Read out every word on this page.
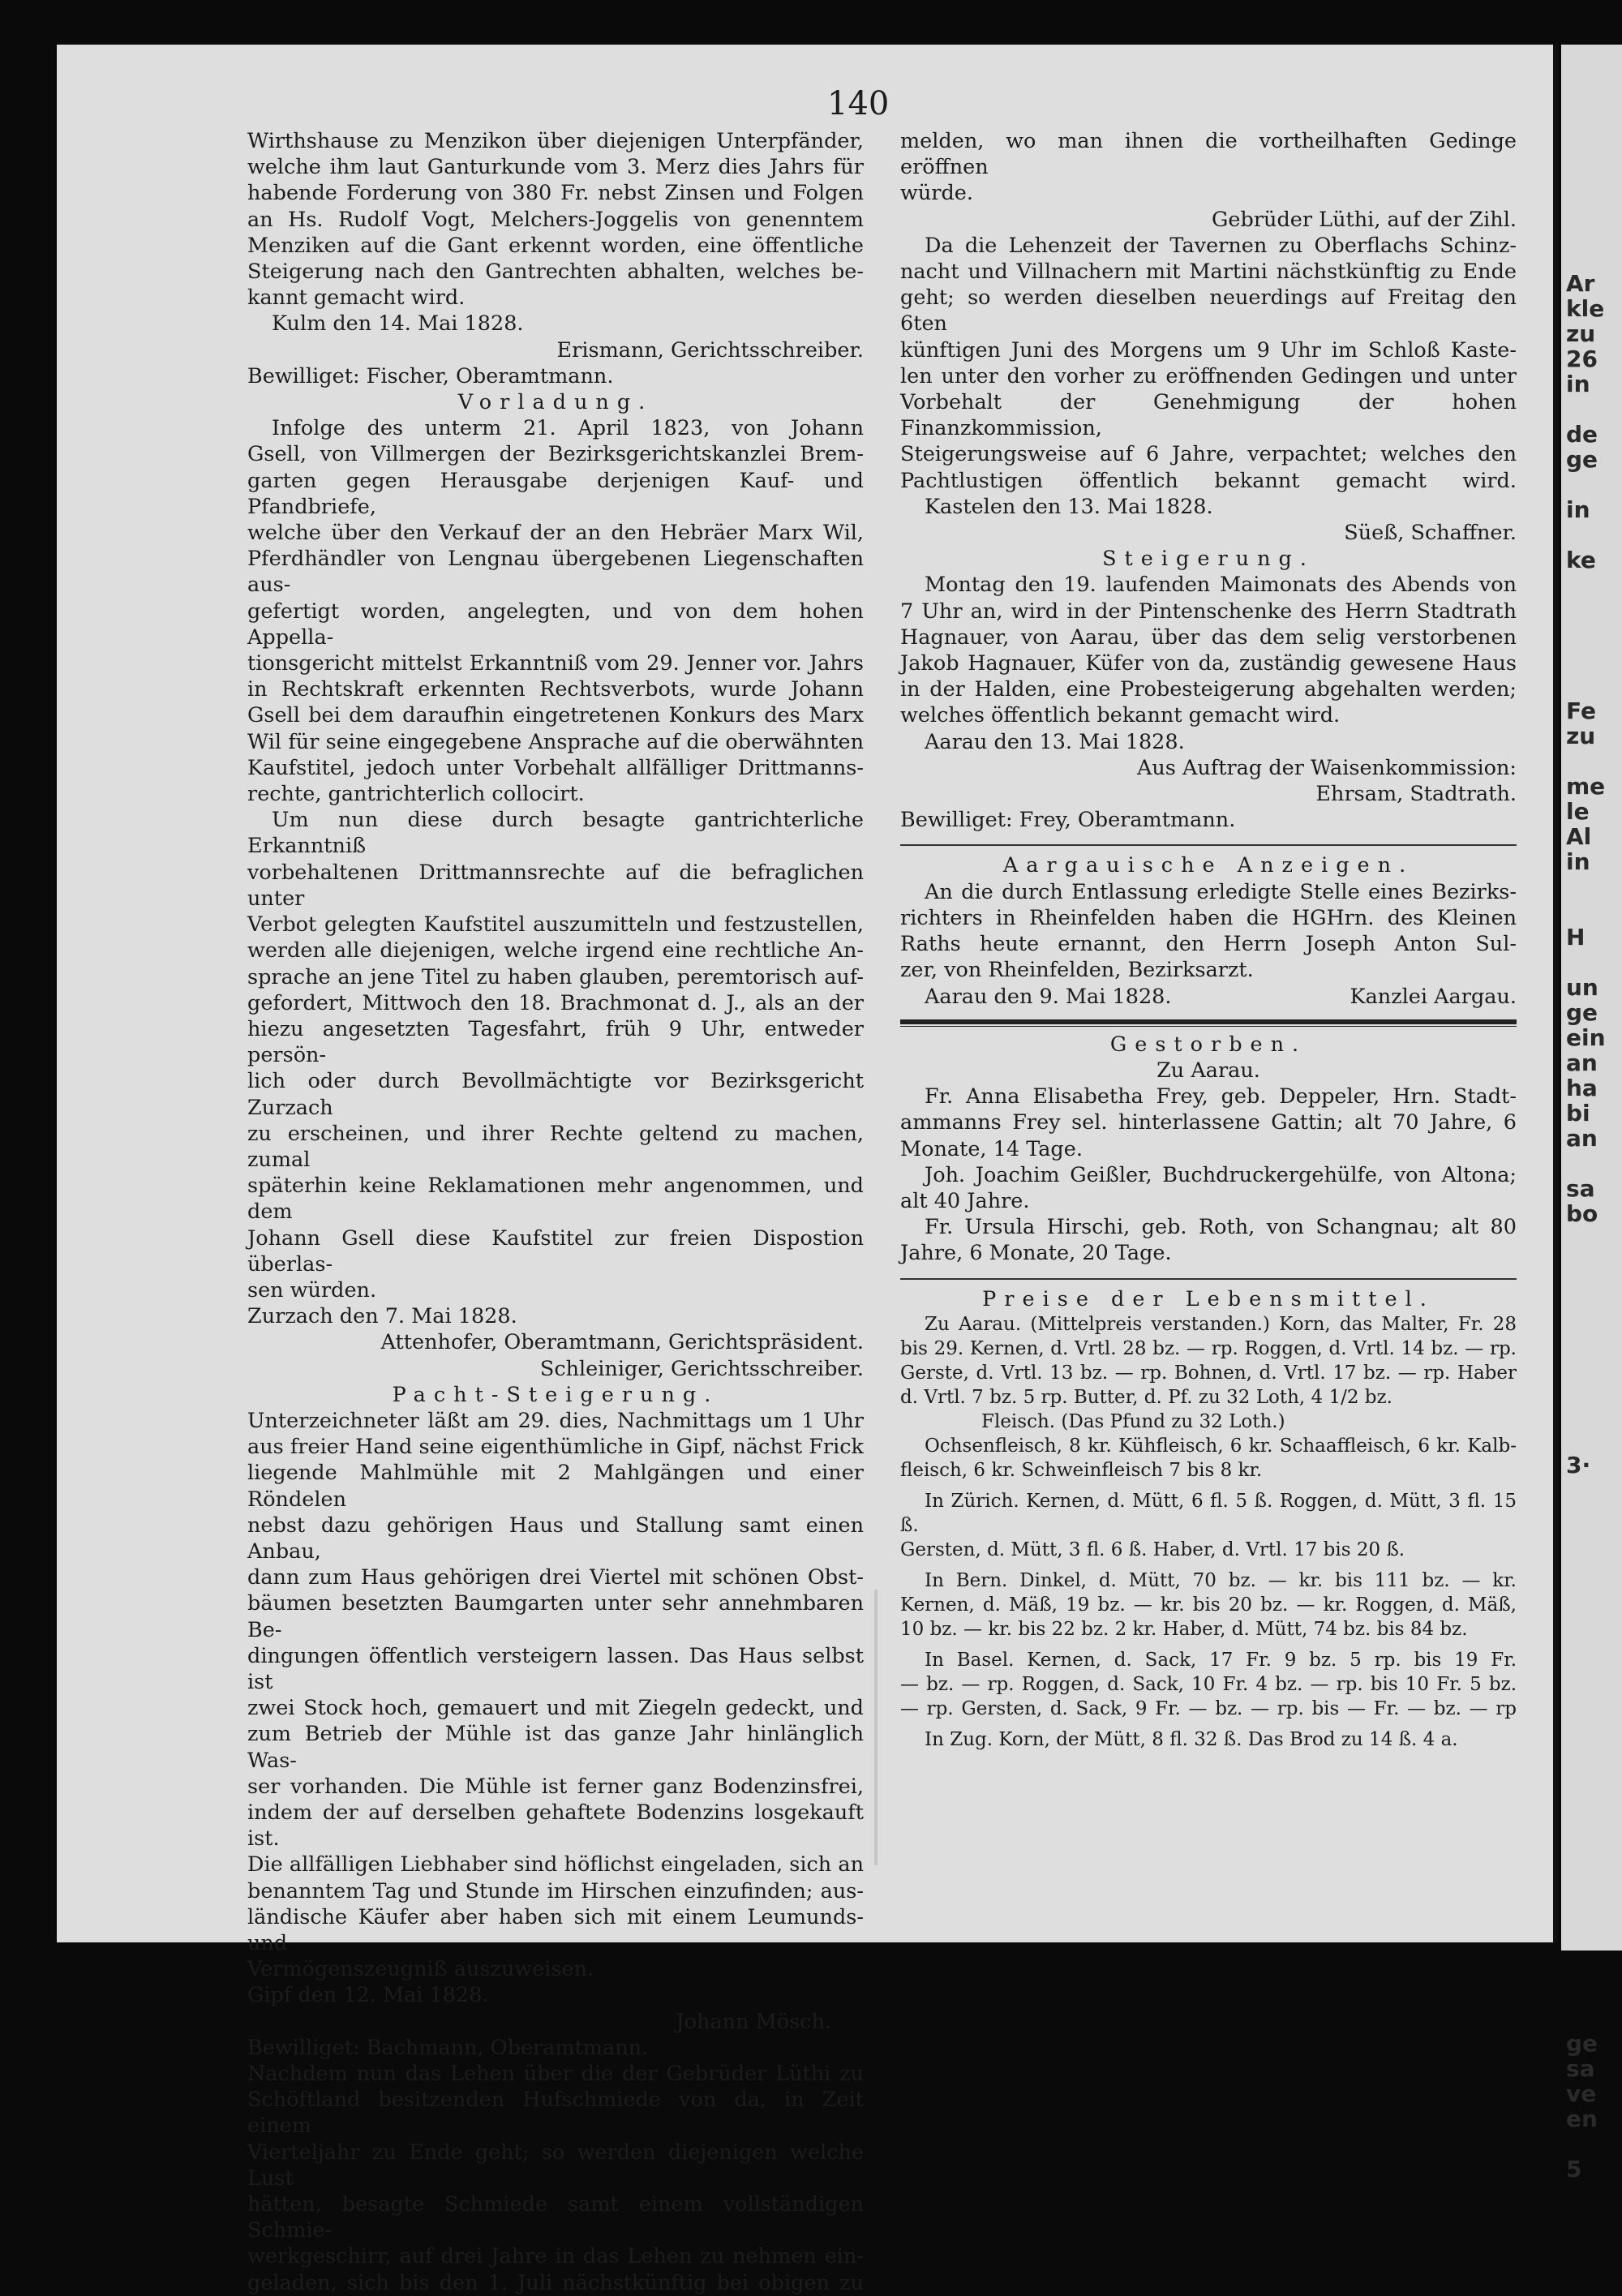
Ar
kle
zu
26
in

de
ge

in

ke

Fe
zu

me
le
Al
in

H

un
ge
ein
an
ha
bi
an

sa
bo

3·

ge
sa
ve
en

5
140

Wirthshause zu Menzikon über diejenigen Unterpfänder,

welche ihm laut Ganturkunde vom 3. Merz dies Jahrs für

habende Forderung von 380 Fr. nebst Zinsen und Folgen

an Hs. Rudolf Vogt, Melchers-Joggelis von genenntem

Menziken auf die Gant erkennt worden, eine öffentliche

Steigerung nach den Gantrechten abhalten, welches be-

kannt gemacht wird.

Kulm den 14. Mai 1828.

Erismann, Gerichtsschreiber.

Bewilliget: Fischer, Oberamtmann.

Vorladung.

Infolge des unterm 21. April 1823, von Johann

Gsell, von Villmergen der Bezirksgerichtskanzlei Brem-

garten gegen Herausgabe derjenigen Kauf- und Pfandbriefe,

welche über den Verkauf der an den Hebräer Marx Wil,

Pferdhändler von Lengnau übergebenen Liegenschaften aus-

gefertigt worden, angelegten, und von dem hohen Appella-

tionsgericht mittelst Erkanntniß vom 29. Jenner vor. Jahrs

in Rechtskraft erkennten Rechtsverbots, wurde Johann

Gsell bei dem daraufhin eingetretenen Konkurs des Marx

Wil für seine eingegebene Ansprache auf die oberwähnten

Kaufstitel, jedoch unter Vorbehalt allfälliger Drittmanns-

rechte, gantrichterlich collocirt.

Um nun diese durch besagte gantrichterliche Erkanntniß

vorbehaltenen Drittmannsrechte auf die befraglichen unter

Verbot gelegten Kaufstitel auszumitteln und festzustellen,

werden alle diejenigen, welche irgend eine rechtliche An-

sprache an jene Titel zu haben glauben, peremtorisch auf-

gefordert, Mittwoch den 18. Brachmonat d. J., als an der

hiezu angesetzten Tagesfahrt, früh 9 Uhr, entweder persön-

lich oder durch Bevollmächtigte vor Bezirksgericht Zurzach

zu erscheinen, und ihrer Rechte geltend zu machen, zumal

späterhin keine Reklamationen mehr angenommen, und dem

Johann Gsell diese Kaufstitel zur freien Dispostion überlas-

sen würden.

Zurzach den 7. Mai 1828.

Attenhofer, Oberamtmann, Gerichtspräsident.

Schleiniger, Gerichtsschreiber.

Pacht-Steigerung.

Unterzeichneter läßt am 29. dies, Nachmittags um 1 Uhr

aus freier Hand seine eigenthümliche in Gipf, nächst Frick

liegende Mahlmühle mit 2 Mahlgängen und einer Röndelen

nebst dazu gehörigen Haus und Stallung samt einen Anbau,

dann zum Haus gehörigen drei Viertel mit schönen Obst-

bäumen besetzten Baumgarten unter sehr annehmbaren Be-

dingungen öffentlich versteigern lassen. Das Haus selbst ist

zwei Stock hoch, gemauert und mit Ziegeln gedeckt, und

zum Betrieb der Mühle ist das ganze Jahr hinlänglich Was-

ser vorhanden. Die Mühle ist ferner ganz Bodenzinsfrei,

indem der auf derselben gehaftete Bodenzins losgekauft ist.

Die allfälligen Liebhaber sind höflichst eingeladen, sich an

benanntem Tag und Stunde im Hirschen einzufinden; aus-

ländische Käufer aber haben sich mit einem Leumunds- und

Vermögenszeugniß auszuweisen.

Gipf den 12. Mai 1828.

Johann Mösch.

Bewilliget: Bachmann, Oberamtmann.

Nachdem nun das Lehen über die der Gebrüder Lüthi zu

Schöftland besitzenden Hufschmiede von da, in Zeit einem

Vierteljahr zu Ende geht; so werden diejenigen welche Lust

hätten, besagte Schmiede samt einem vollständigen Schmie-

werkgeschirr, auf drei Jahre in das Lehen zu nehmen ein-

geladen, sich bis den 1. Juli nächstkünftig bei obigen zu

melden, wo man ihnen die vortheilhaften Gedinge eröffnen

würde.

Gebrüder Lüthi, auf der Zihl.

Da die Lehenzeit der Tavernen zu Oberflachs Schinz-

nacht und Villnachern mit Martini nächstkünftig zu Ende

geht; so werden dieselben neuerdings auf Freitag den 6ten

künftigen Juni des Morgens um 9 Uhr im Schloß Kaste-

len unter den vorher zu eröffnenden Gedingen und unter

Vorbehalt der Genehmigung der hohen Finanzkommission,

Steigerungsweise auf 6 Jahre, verpachtet; welches den

Pachtlustigen öffentlich bekannt gemacht wird.

Kastelen den 13. Mai 1828.

Süeß, Schaffner.

Steigerung.

Montag den 19. laufenden Maimonats des Abends von

7 Uhr an, wird in der Pintenschenke des Herrn Stadtrath

Hagnauer, von Aarau, über das dem selig verstorbenen

Jakob Hagnauer, Küfer von da, zuständig gewesene Haus

in der Halden, eine Probesteigerung abgehalten werden;

welches öffentlich bekannt gemacht wird.

Aarau den 13. Mai 1828.

Aus Auftrag der Waisenkommission:

Ehrsam, Stadtrath.

Bewilliget: Frey, Oberamtmann.

Aargauische Anzeigen.

An die durch Entlassung erledigte Stelle eines Bezirks-

richters in Rheinfelden haben die HGHrn. des Kleinen

Raths heute ernannt, den Herrn Joseph Anton Sul-

zer, von Rheinfelden, Bezirksarzt.

Aarau den 9. Mai 1828.	Kanzlei Aargau.

Gestorben.

Zu Aarau.

Fr. Anna Elisabetha Frey, geb. Deppeler, Hrn. Stadt-

ammanns Frey sel. hinterlassene Gattin; alt 70 Jahre, 6

Monate, 14 Tage.

Joh. Joachim Geißler, Buchdruckergehülfe, von Altona;

alt 40 Jahre.

Fr. Ursula Hirschi, geb. Roth, von Schangnau; alt 80

Jahre, 6 Monate, 20 Tage.

Preise der Lebensmittel.

Zu Aarau. (Mittelpreis verstanden.) Korn, das Malter, Fr. 28

bis 29. Kernen, d. Vrtl. 28 bz. — rp. Roggen, d. Vrtl. 14 bz. — rp.

Gerste, d. Vrtl. 13 bz. — rp. Bohnen, d. Vrtl. 17 bz. — rp. Haber

d. Vrtl. 7 bz. 5 rp. Butter, d. Pf. zu 32 Loth, 4 1/2 bz.

Fleisch. (Das Pfund zu 32 Loth.)

Ochsenfleisch, 8 kr. Kühfleisch, 6 kr. Schaaffleisch, 6 kr. Kalb-

fleisch, 6 kr. Schweinfleisch 7 bis 8 kr.

In Zürich. Kernen, d. Mütt, 6 fl. 5 ß. Roggen, d. Mütt, 3 fl. 15 ß.

Gersten, d. Mütt, 3 fl. 6 ß. Haber, d. Vrtl. 17 bis 20 ß.

In Bern. Dinkel, d. Mütt, 70 bz. — kr. bis 111 bz. — kr.

Kernen, d. Mäß, 19 bz. — kr. bis 20 bz. — kr. Roggen, d. Mäß,

10 bz. — kr. bis 22 bz. 2 kr. Haber, d. Mütt, 74 bz. bis 84 bz.

In Basel. Kernen, d. Sack, 17 Fr. 9 bz. 5 rp. bis 19 Fr.

— bz. — rp. Roggen, d. Sack, 10 Fr. 4 bz. — rp. bis 10 Fr. 5 bz.

— rp. Gersten, d. Sack, 9 Fr. — bz. — rp. bis — Fr. — bz. — rp

In Zug. Korn, der Mütt, 8 fl. 32 ß. Das Brod zu 14 ß. 4 a.
